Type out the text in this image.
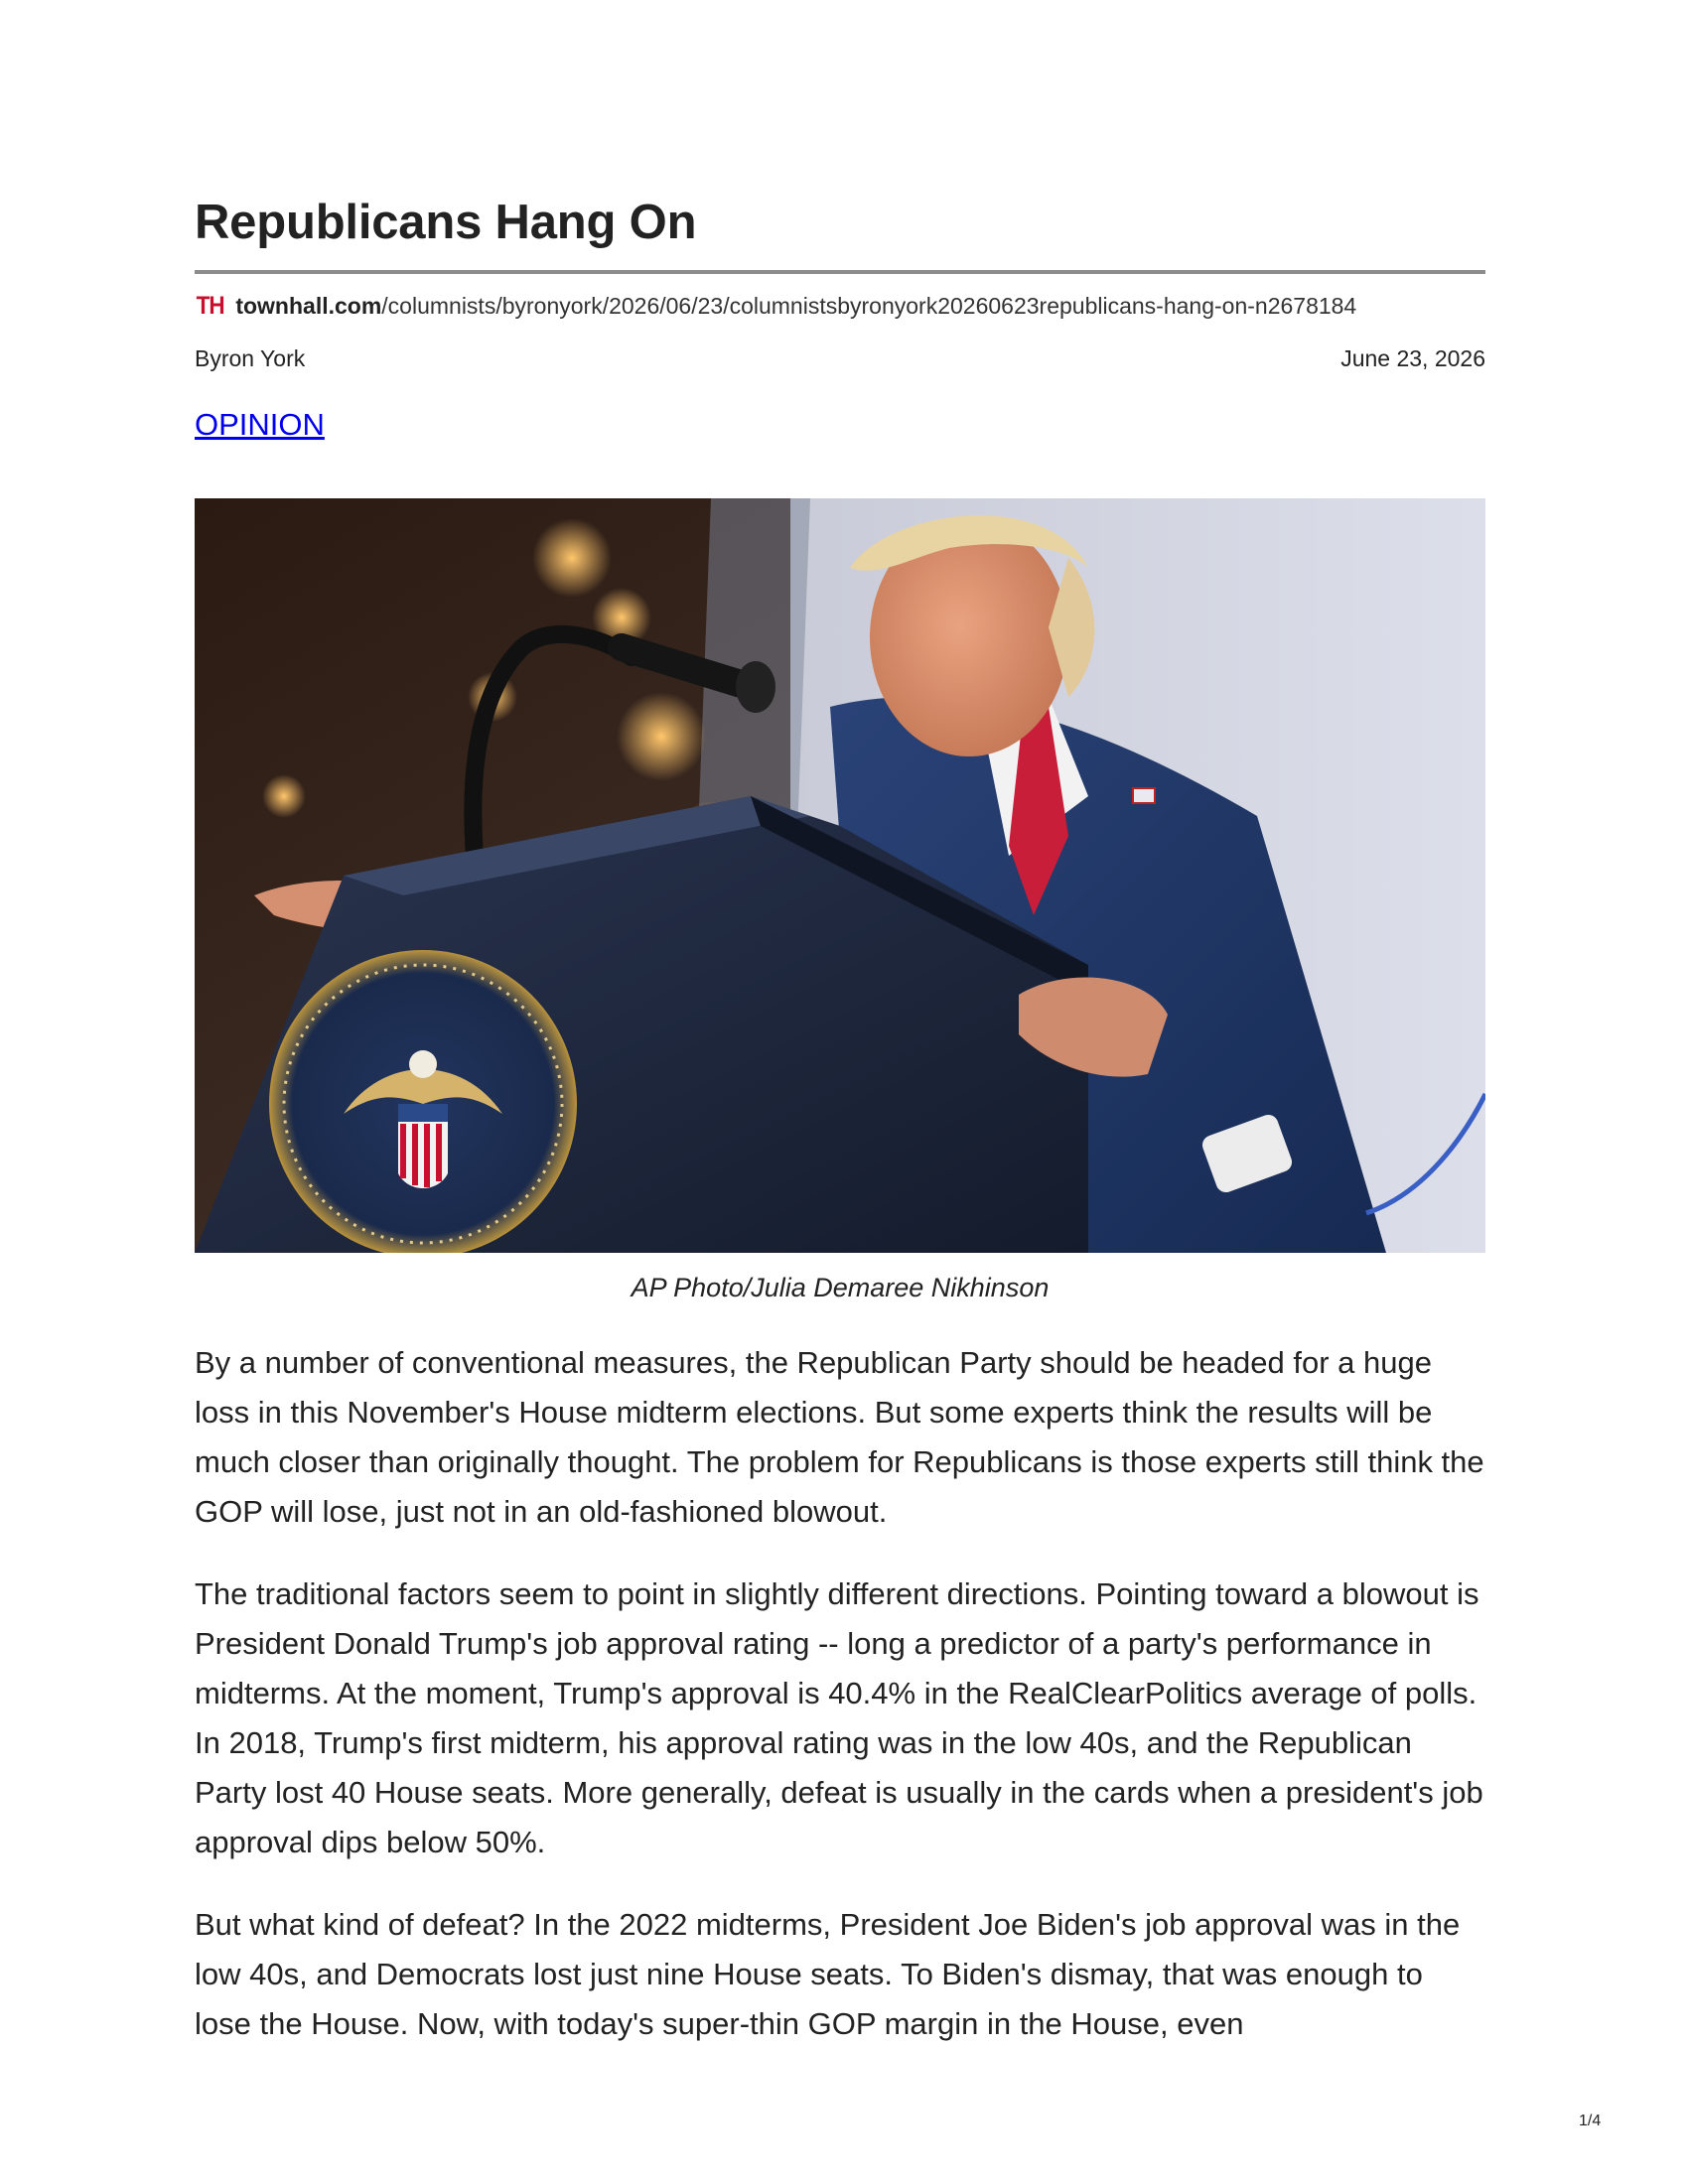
Republicans Hang On
TH townhall.com /columnists/byronyork/2026/06/23/columnistsbyronyork20260623republicans-hang-on-n2678184
Byron York	June 23, 2026
OPINION
AP Photo/Julia Demaree Nikhinson

By a number of conventional measures, the Republican Party should be headed for a huge loss in this November's House midterm elections. But some experts think the results will be much closer than originally thought. The problem for Republicans is those experts still think the GOP will lose, just not in an old-fashioned blowout.

The traditional factors seem to point in slightly different directions. Pointing toward a blowout is President Donald Trump's job approval rating -- long a predictor of a party's performance in midterms. At the moment, Trump's approval is 40.4% in the RealClearPolitics average of polls. In 2018, Trump's first midterm, his approval rating was in the low 40s, and the Republican Party lost 40 House seats. More generally, defeat is usually in the cards when a president's job approval dips below 50%.

But what kind of defeat? In the 2022 midterms, President Joe Biden's job approval was in the low 40s, and Democrats lost just nine House seats. To Biden's dismay, that was enough to lose the House. Now, with today's super-thin GOP margin in the House, even

1/4
